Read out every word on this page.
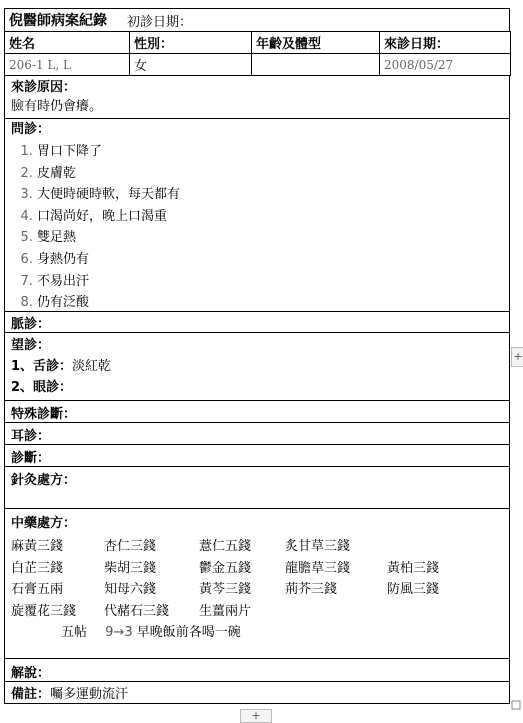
倪醫師病案紀錄 初診日期：
姓名	性別：	年齡及體型	來診日期：
206-1 L, L	女		2008/05/27
來診原因：
臉有時仍會癢。
問診：
1. 胃口下降了
2. 皮膚乾
3. 大便時硬時軟，每天都有
4. 口渴尚好，晚上口渴重
5. 雙足熱
6. 身熱仍有
7. 不易出汗
8. 仍有泛酸
脈診：
望診：
1、舌診：淡紅乾
2、眼診：
特殊診斷：
耳診：
診斷：
針灸處方：
中藥處方：
麻黃三錢	杏仁三錢	薏仁五錢	炙甘草三錢
白芷三錢	柴胡三錢	鬱金五錢	龍膽草三錢	黃柏三錢
石膏五兩	知母六錢	黃芩三錢	荊芥三錢	防風三錢
旋覆花三錢	代赭石三錢	生薑兩片
五帖 9→3 早晚飯前各喝一碗
解說：
備註：囑多運動流汗
+
+
